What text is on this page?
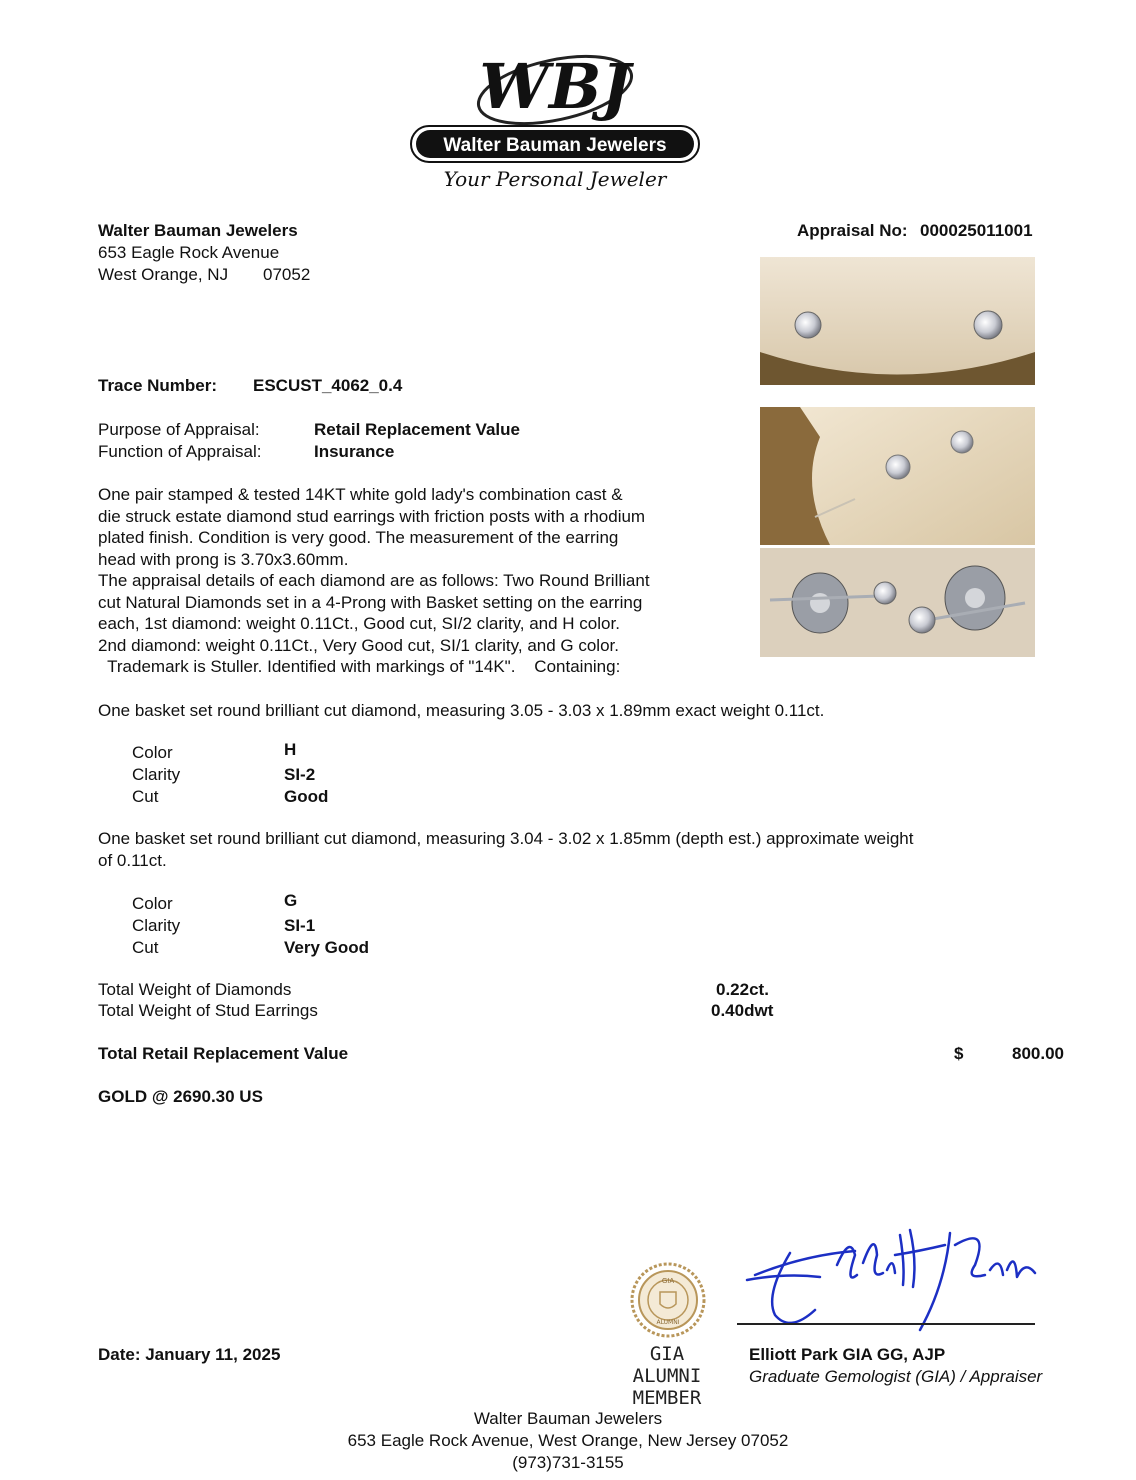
WBJ
Walter Bauman Jewelers
Your Personal Jeweler
Walter Bauman Jewelers
653 Eagle Rock Avenue
West Orange, NJ 07052
Appraisal No: 000025011001
Trace Number: ESCUST_4062_0.4
Purpose of Appraisal:	Retail Replacement Value
Function of Appraisal:	Insurance

One pair stamped & tested 14KT white gold lady's combination cast &

die struck estate diamond stud earrings with friction posts with a rhodium

plated finish. Condition is very good. The measurement of the earring

head with prong is 3.70x3.60mm.

The appraisal details of each diamond are as follows: Two Round Brilliant

cut Natural Diamonds set in a 4-Prong with Basket setting on the earring

each, 1st diamond: weight 0.11Ct., Good cut, SI/2 clarity, and H color.

2nd diamond: weight 0.11Ct., Very Good cut, SI/1 clarity, and G color.

Trademark is Stuller. Identified with markings of "14K".    Containing:

One basket set round brilliant cut diamond, measuring 3.05 - 3.03 x 1.89mm exact weight 0.11ct.
Color	H
Clarity	SI-2
Cut	Good
One basket set round brilliant cut diamond, measuring 3.04 - 3.02 x 1.85mm (depth est.) approximate weight
of 0.11ct.
Color	G
Clarity	SI-1
Cut	Very Good
Total Weight of Diamonds	0.22ct.
Total Weight of Stud Earrings	0.40dwt
Total Retail Replacement Value	$	800.00
GOLD @ 2690.30 US
Date: January 11, 2025
GIA
ALUMNI
GIA ALUMNI
MEMBER
Elliott Park GIA GG, AJP
Graduate Gemologist (GIA) / Appraiser
Walter Bauman Jewelers
653 Eagle Rock Avenue, West Orange, New Jersey 07052
(973)731-3155
